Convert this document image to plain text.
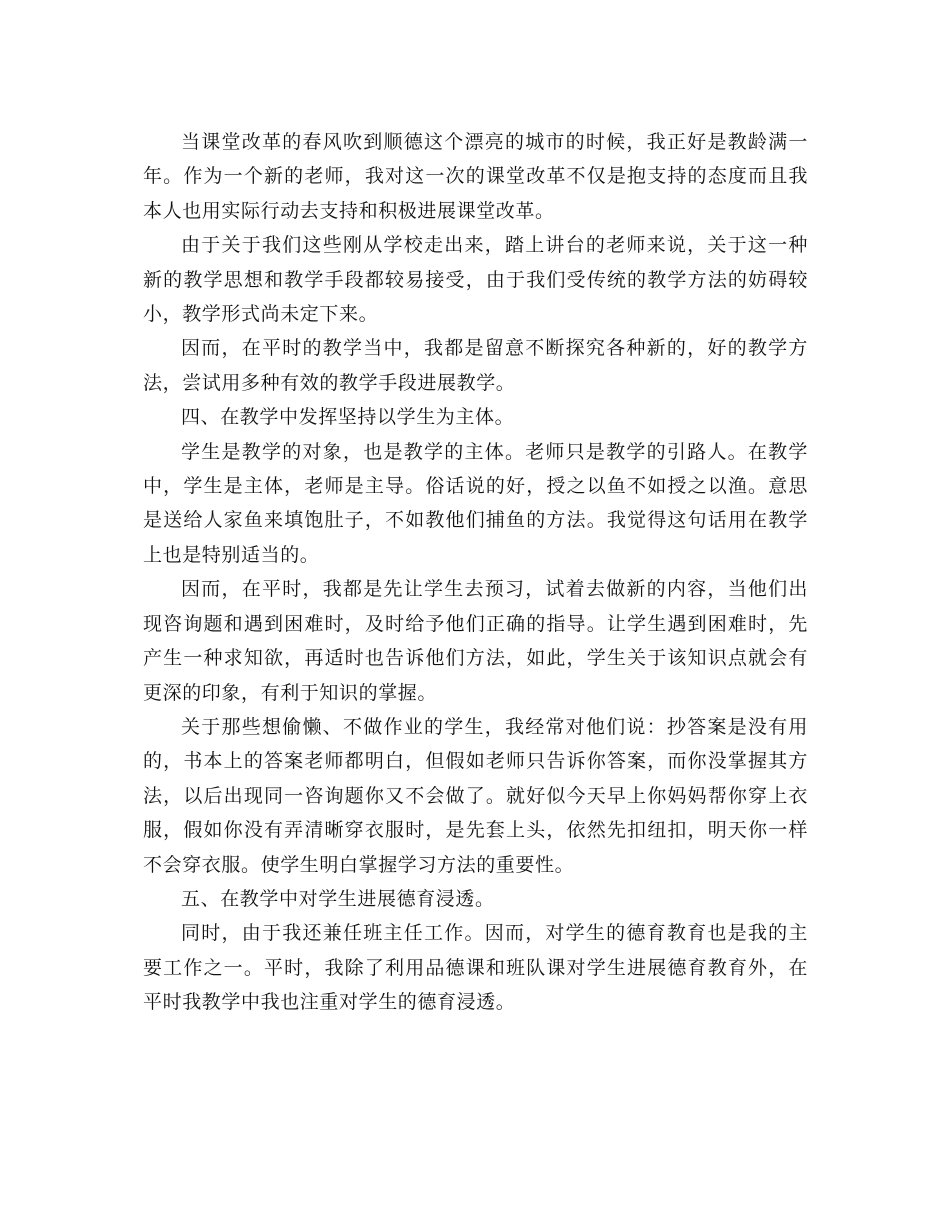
当课堂改革的春风吹到顺德这个漂亮的城市的时候，我正好是教龄满一年。作为一个新的老师，我对这一次的课堂改革不仅是抱支持的态度而且我本人也用实际行动去支持和积极进展课堂改革。

由于关于我们这些刚从学校走出来，踏上讲台的老师来说，关于这一种新的教学思想和教学手段都较易接受，由于我们受传统的教学方法的妨碍较小，教学形式尚未定下来。

因而，在平时的教学当中，我都是留意不断探究各种新的，好的教学方法，尝试用多种有效的教学手段进展教学。

四、在教学中发挥坚持以学生为主体。

学生是教学的对象，也是教学的主体。老师只是教学的引路人。在教学中，学生是主体，老师是主导。俗话说的好，授之以鱼不如授之以渔。意思是送给人家鱼来填饱肚子，不如教他们捕鱼的方法。我觉得这句话用在教学上也是特别适当的。

因而，在平时，我都是先让学生去预习，试着去做新的内容，当他们出现咨询题和遇到困难时，及时给予他们正确的指导。让学生遇到困难时，先产生一种求知欲，再适时也告诉他们方法，如此，学生关于该知识点就会有更深的印象，有利于知识的掌握。

关于那些想偷懒、不做作业的学生，我经常对他们说：抄答案是没有用的，书本上的答案老师都明白，但假如老师只告诉你答案，而你没掌握其方法，以后出现同一咨询题你又不会做了。就好似今天早上你妈妈帮你穿上衣服，假如你没有弄清晰穿衣服时，是先套上头，依然先扣纽扣，明天你一样不会穿衣服。使学生明白掌握学习方法的重要性。

五、在教学中对学生进展德育浸透。

同时，由于我还兼任班主任工作。因而，对学生的德育教育也是我的主要工作之一。平时，我除了利用品德课和班队课对学生进展德育教育外，在平时我教学中我也注重对学生的德育浸透。
